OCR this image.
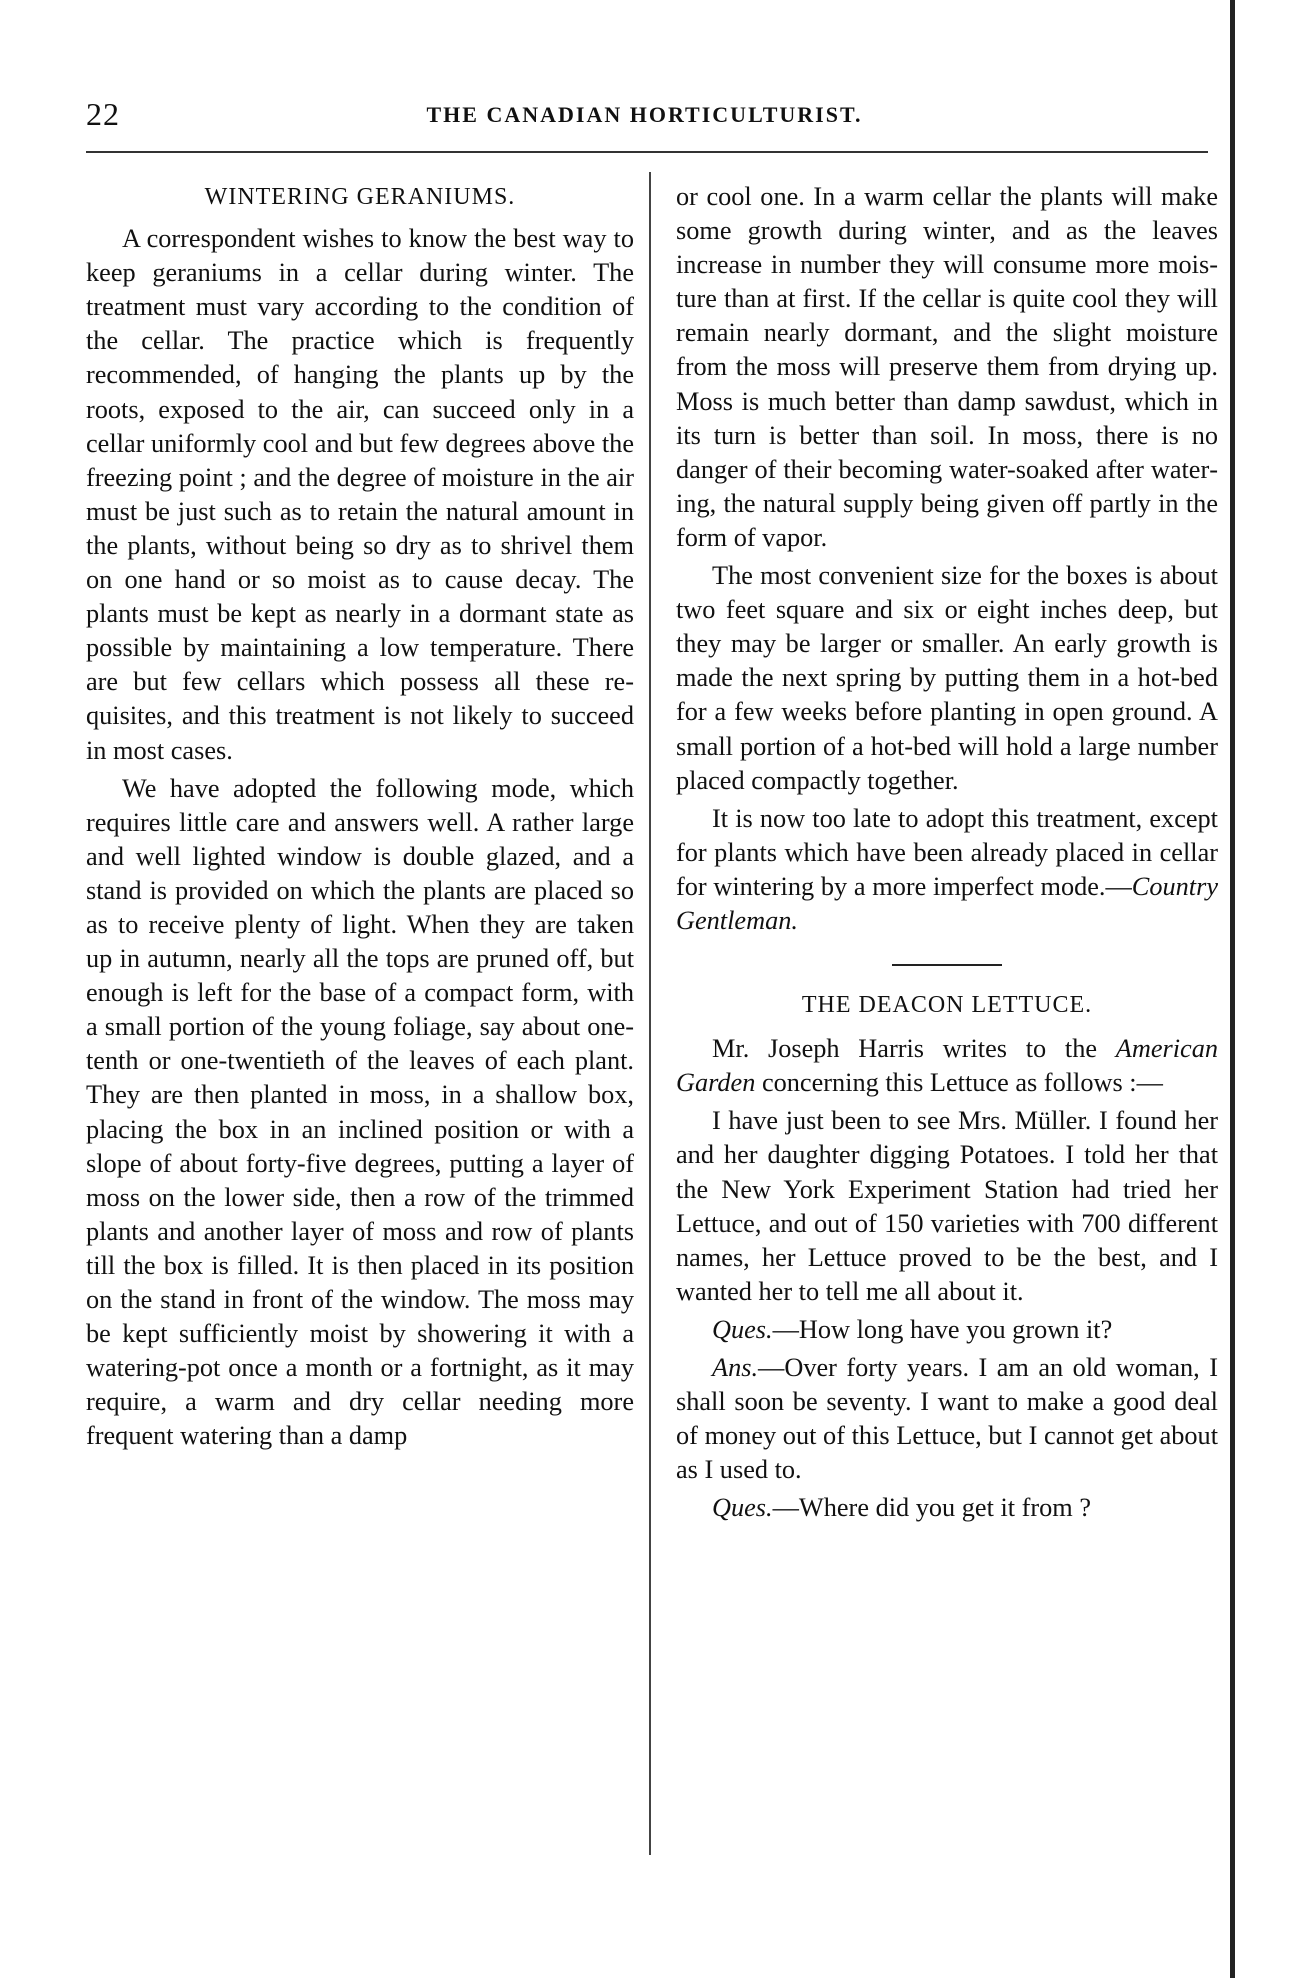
22	THE CANADIAN HORTICULTURIST.
WINTERING GERANIUMS.

A correspondent wishes to know the best way to keep geraniums in a cellar during winter. The treatment must vary according to the condition of the cellar. The practice which is frequently recommended, of hanging the plants up by the roots, exposed to the air, can succeed only in a cellar uniformly cool and but few degrees above the freezing point ; and the degree of moisture in the air must be just such as to retain the natural amount in the plants, without being so dry as to shrivel them on one hand or so moist as to cause decay. The plants must be kept as nearly in a dormant state as possible by maintaining a low temperature. There are but few cellars which possess all these requisites, and this treatment is not likely to succeed in most cases.

We have adopted the following mode, which requires little care and answers well. A rather large and well lighted window is double glazed, and a stand is provided on which the plants are placed so as to receive plenty of light. When they are taken up in autumn, nearly all the tops are pruned off, but enough is left for the base of a compact form, with a small portion of the young foliage, say about one-tenth or one-twentieth of the leaves of each plant. They are then planted in moss, in a shallow box, placing the box in an inclined position or with a slope of about forty-five degrees, putting a layer of moss on the lower side, then a row of the trimmed plants and another layer of moss and row of plants till the box is filled. It is then placed in its position on the stand in front of the window. The moss may be kept sufficiently moist by showering it with a watering-pot once a month or a fortnight, as it may require, a warm and dry cellar needing more frequent watering than a damp

or cool one. In a warm cellar the plants will make some growth during winter, and as the leaves increase in number they will consume more moisture than at first. If the cellar is quite cool they will remain nearly dormant, and the slight moisture from the moss will preserve them from drying up. Moss is much better than damp sawdust, which in its turn is better than soil. In moss, there is no danger of their becoming water-soaked after watering, the natural supply being given off partly in the form of vapor.

The most convenient size for the boxes is about two feet square and six or eight inches deep, but they may be larger or smaller. An early growth is made the next spring by putting them in a hot-bed for a few weeks before planting in open ground. A small portion of a hot-bed will hold a large number placed compactly together.

It is now too late to adopt this treatment, except for plants which have been already placed in cellar for wintering by a more imperfect mode.—Country Gentleman.

THE DEACON LETTUCE.

Mr. Joseph Harris writes to the American Garden concerning this Lettuce as follows :—

I have just been to see Mrs. Müller. I found her and her daughter digging Potatoes. I told her that the New York Experiment Station had tried her Lettuce, and out of 150 varieties with 700 different names, her Lettuce proved to be the best, and I wanted her to tell me all about it.

Ques.—How long have you grown it?

Ans.—Over forty years. I am an old woman, I shall soon be seventy. I want to make a good deal of money out of this Lettuce, but I cannot get about as I used to.

Ques.—Where did you get it from ?
